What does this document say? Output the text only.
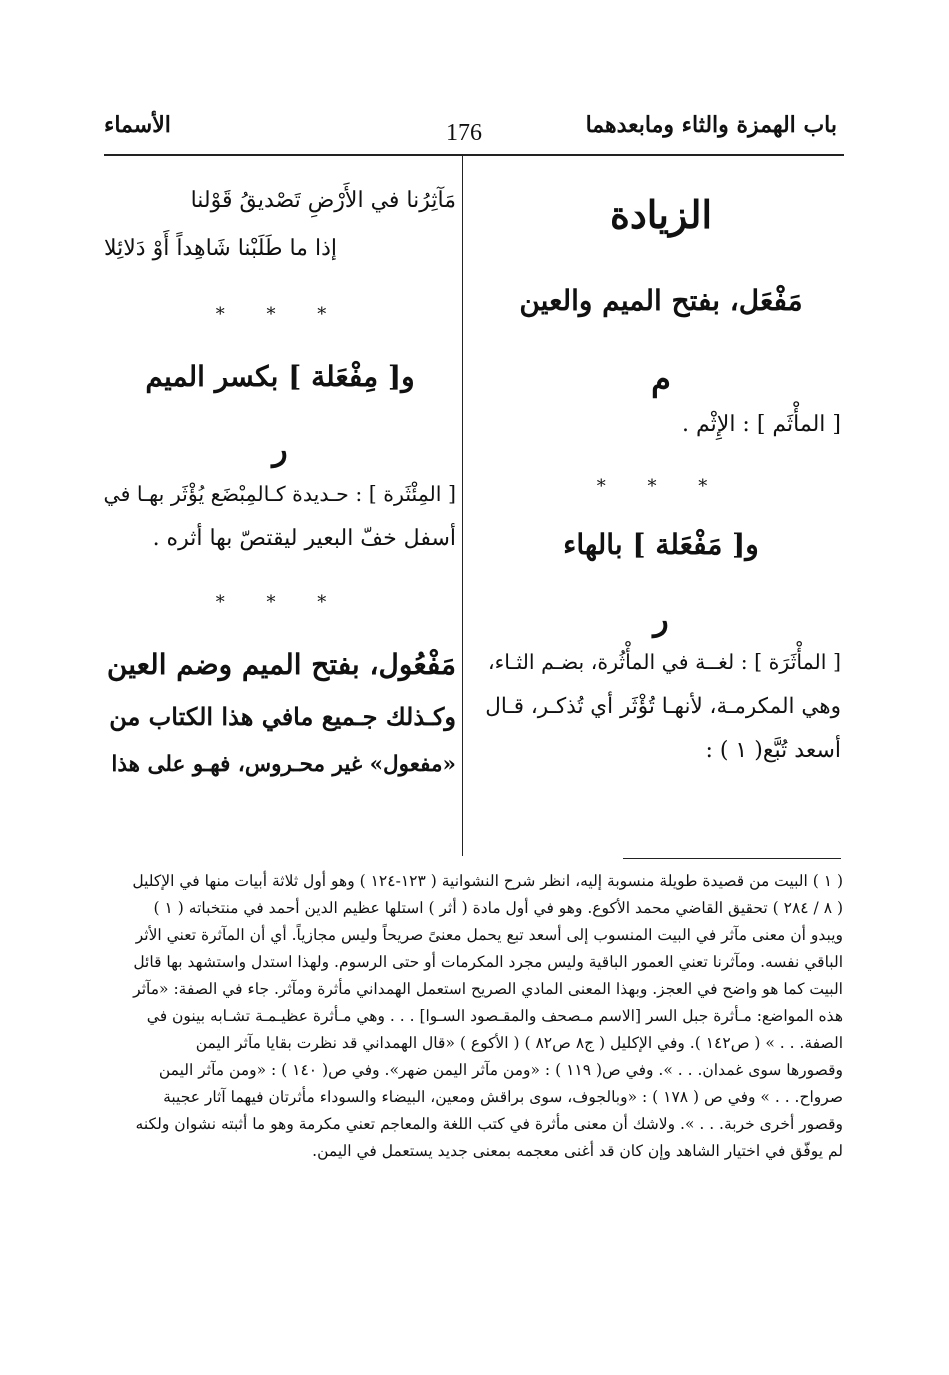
باب الهمزة والثاء ومابعدهما
176
الأسماء
الزيادة
مَفْعَل، بفتح الميم والعين
م
[ المأْثَم ] : الإِثْم .
* * *
و[ مَفْعَلة ] بالهاء
ر
[ المأْثَرَة ] : لغــة في المأْثُرة، بضـم الثـاء،
وهي المكرمـة، لأنهـا تُؤْثَر أي تُذكـر، قـال
أسعد تُبَّع( ١ ) :
مَآثِرُنا في الأَرْضِ تَصْديقُ قَوْلنا
إذا ما طَلَبْنا شَاهِداً أَوْ دَلائِلا
* * *
و[ مِفْعَلة ] بكسر الميم
ر
[ المِئْثَرة ] : حـديدة كـالمِبْضَع يُؤْثَر بهـا في
أسفل خفّ البعير ليقتصّ بها أثره .
* * *
مَفْعُول، بفتح الميم وضم العين
وكـذلك جـميع مافي هذا الكتاب من
«مفعول» غير محـروس، فهـو على هذا
( ١ ) البيت من قصيدة طويلة منسوبة إليه، انظر شرح النشوانية ( ١٢٣-١٢٤ ) وهو أول ثلاثة أبيات منها في الإكليل
( ٨ / ٢٨٤ ) تحقيق القاضي محمد الأكوع. وهو في أول مادة ( أثر ) استلها عظيم الدين أحمد في منتخباته ( ١ )
ويبدو أن معنى مآثر في البيت المنسوب إلى أسعد تبع يحمل معنىً صريحاً وليس مجازياً. أي أن المآثرة تعني الأثر
الباقي نفسه. ومآثرنا تعني العمور الباقية وليس مجرد المكرمات أو حتى الرسوم. ولهذا استدل واستشهد بها قائل
البيت كما هو واضح في العجز. وبهذا المعنى المادي الصريح استعمل الهمداني مأثرة ومآثر. جاء في الصفة: «مآثر
هذه المواضع: مـأثرة جبل السر [الاسم مـصحف والمقـصود السـوا] . . . وهي مـأثرة عظيـمـة تشـابه بينون في
الصفة. . . » ( ص١٤٢ ). وفي الإكليل ( ج٨ ص٨٢ ) ( الأكوع ) «قال الهمداني قد نظرت بقايا مآثر اليمن
وقصورها سوى غمدان. . . ». وفي ص( ١١٩ ) : «ومن مآثر اليمن ضهر». وفي ص( ١٤٠ ) : «ومن مآثر اليمن
صرواح. . . » وفي ص ( ١٧٨ ) : «وبالجوف، سوى براقش ومعين، البيضاء والسوداء مأثرتان فيهما آثار عجيبة
وقصور أخرى خربة. . . ». ولاشك أن معنى مأثرة في كتب اللغة والمعاجم تعني مكرمة وهو ما أثبته نشوان ولكنه
لم يوفّق في اختيار الشاهد وإن كان قد أغنى معجمه بمعنى جديد يستعمل في اليمن.
